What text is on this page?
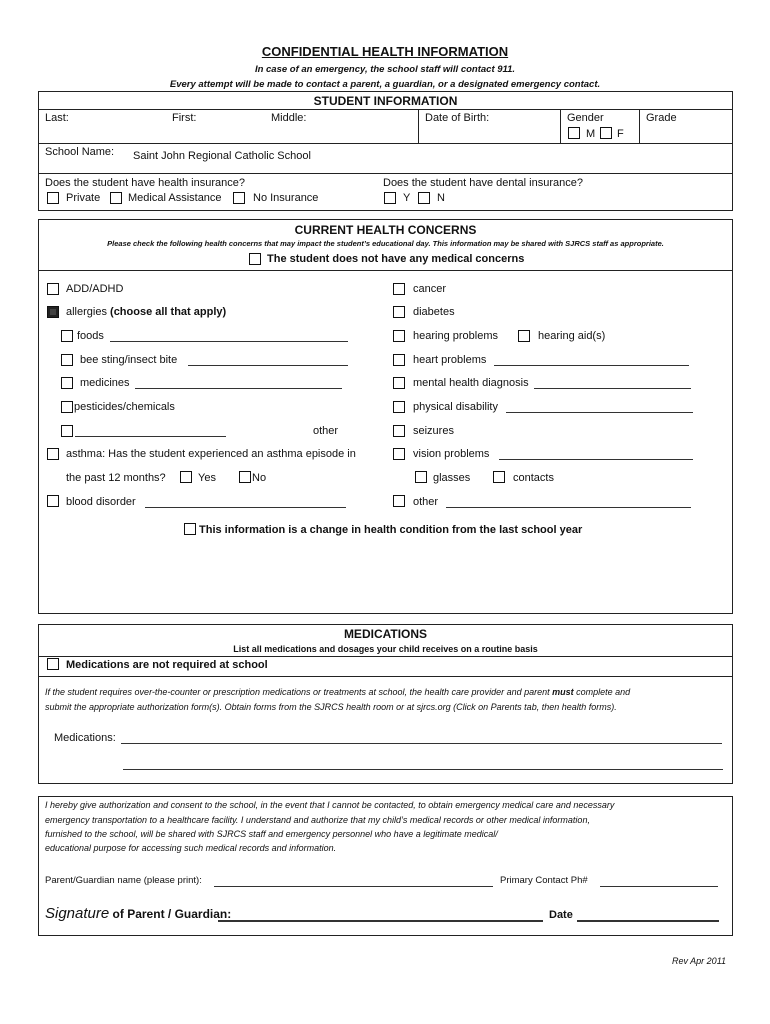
CONFIDENTIAL HEALTH INFORMATION
In case of an emergency, the school staff will contact 911.
Every attempt will be made to contact a parent, a guardian, or a designated emergency contact.
STUDENT INFORMATION
Last:	First:	Middle:	Date of Birth:	Gender
M F
Grade
School Name: Saint John Regional Catholic School
Does the student have health insurance?
Private	Medical Assistance	No Insurance
Does the student have dental insurance?
Y N
CURRENT HEALTH CONCERNS
Please check the following health concerns that may impact the student’s educational day. This information may be shared with SJRCS staff as appropriate.
The student does not have any medical concerns
ADD/ADHD
allergies (choose all that apply)
foods
bee sting/insect bite
medicines
pesticides/chemicals
other
asthma: Has the student experienced an asthma episode in
the past 12 months?	Yes	No
blood disorder
cancer
diabetes
hearing problems	hearing aid(s)
heart problems
mental health diagnosis
physical disability
seizures
vision problems
glasses	contacts
other
This information is a change in health condition from the last school year
MEDICATIONS
List all medications and dosages your child receives on a routine basis
Medications are not required at school
If the student requires over-the-counter or prescription medications or treatments at school, the health care provider and parent must complete and
submit the appropriate authorization form(s). Obtain forms from the SJRCS health room or at sjrcs.org (Click on Parents tab, then health forms).
Medications:
I hereby give authorization and consent to the school, in the event that I cannot be contacted, to obtain emergency medical care and necessary
emergency transportation to a healthcare facility. I understand and authorize that my child’s medical records or other medical information,
furnished to the school, will be shared with SJRCS staff and emergency personnel who have a legitimate medical/
educational purpose for accessing such medical records and information.
Parent/Guardian name (please print):	Primary Contact Ph#
Signature of Parent / Guardian:	Date
Rev Apr 2011
